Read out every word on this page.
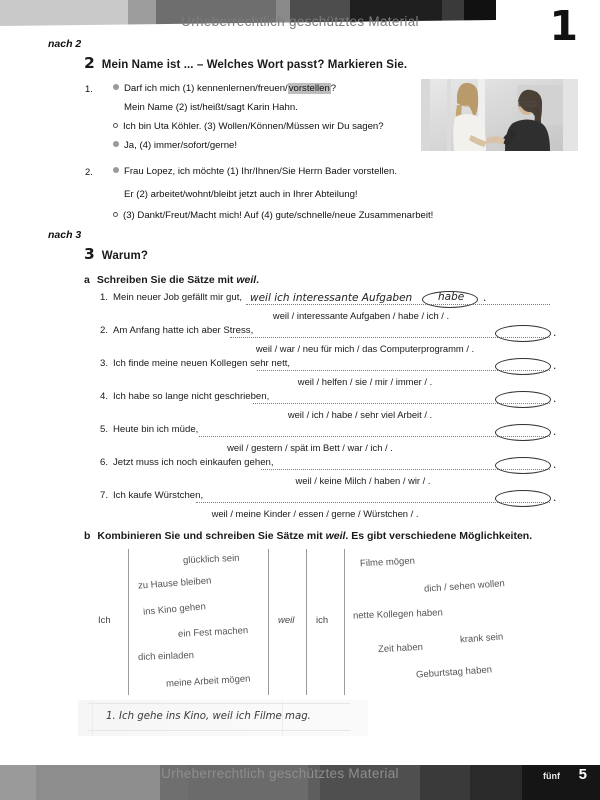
Urheberrechtlich geschütztes Material	1
nach 2
2 Mein Name ist ... – Welches Wort passt? Markieren Sie.
1.	Darf ich mich (1) kennenlernen/freuen/vorstellen?
Mein Name (2) ist/heißt/sagt Karin Hahn.
Ich bin Uta Köhler. (3) Wollen/Können/Müssen wir Du sagen?
Ja, (4) immer/sofort/gerne!
2.	Frau Lopez, ich möchte (1) Ihr/Ihnen/Sie Herrn Bader vorstellen.
Er (2) arbeitet/wohnt/bleibt jetzt auch in Ihrer Abteilung!
(3) Dankt/Freut/Macht mich! Auf (4) gute/schnelle/neue Zusammenarbeit!
nach 3
3 Warum?
a Schreiben Sie die Sätze mit weil.
1. Mein neuer Job gefällt mir gut, weil ich interessante Aufgaben habe .
weil / interessante Aufgaben / habe / ich / .
2. Am Anfang hatte ich aber Stress,	.
weil / war / neu für mich / das Computerprogramm / .
3. Ich finde meine neuen Kollegen sehr nett,	.
weil / helfen / sie / mir / immer / .
4. Ich habe so lange nicht geschrieben,	.
weil / ich / habe / sehr viel Arbeit / .
5. Heute bin ich müde,	.
weil / gestern / spät im Bett / war / ich / .
6. Jetzt muss ich noch einkaufen gehen,	.
weil / keine Milch / haben / wir / .
7. Ich kaufe Würstchen,	.
weil / meine Kinder / essen / gerne / Würstchen / .
b Kombinieren Sie und schreiben Sie Sätze mit weil. Es gibt verschiedene Möglichkeiten.
Ich	weil ich
glücklich sein
zu Hause bleiben
ins Kino gehen
ein Fest machen
dich einladen
meine Arbeit mögen
Filme mögen
dich / sehen wollen
nette Kollegen haben
krank sein
Zeit haben
Geburtstag haben
1. Ich gehe ins Kino, weil ich Filme mag.
Urheberrechtlich geschütztes Material	fünf 5
